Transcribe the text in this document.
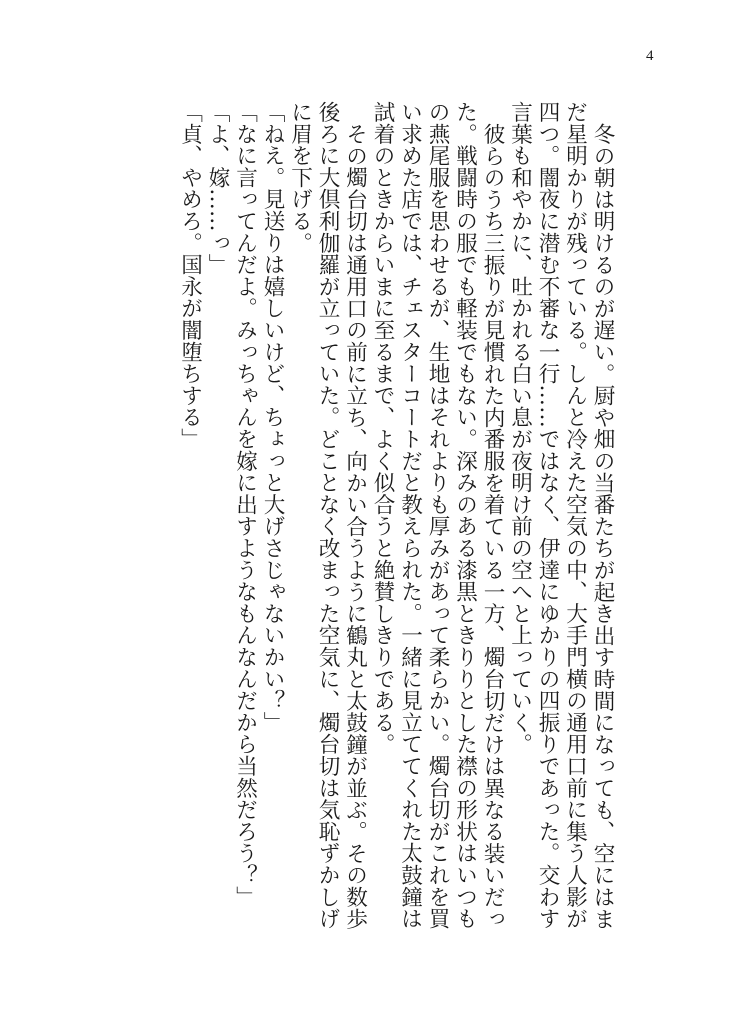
4

冬の朝は明けるのが遅い。厨や畑の当番たちが起き出す時間になっても、空にはまだ星明かりが残っている。しんと冷えた空気の中、大手門横の通用口前に集う人影が四つ。闇夜に潜む不審な一行……ではなく、伊達にゆかりの四振りであった。交わす言葉も和やかに、吐かれる白い息が夜明け前の空へと上っていく。

彼らのうち三振りが見慣れた内番服を着ている一方、燭台切だけは異なる装いだった。戦闘時の服でも軽装でもない。深みのある漆黒ときりりとした襟の形状はいつもの燕尾服を思わせるが、生地はそれよりも厚みがあって柔らかい。燭台切がこれを買い求めた店では、チェスターコートだと教えられた。一緒に見立ててくれた太鼓鐘は試着のときからいまに至るまで、よく似合うと絶賛しきりである。

その燭台切は通用口の前に立ち、向かい合うように鶴丸と太鼓鐘が並ぶ。その数歩後ろに大倶利伽羅が立っていた。どことなく改まった空気に、燭台切は気恥ずかしげに眉を下げる。

「ねえ。見送りは嬉しいけど、ちょっと大げさじゃないかい？」

「なに言ってんだよ。みっちゃんを嫁に出すようなもんなんだから当然だろう？」

「よ、嫁……っ」

「貞、やめろ。国永が闇堕ちする」
